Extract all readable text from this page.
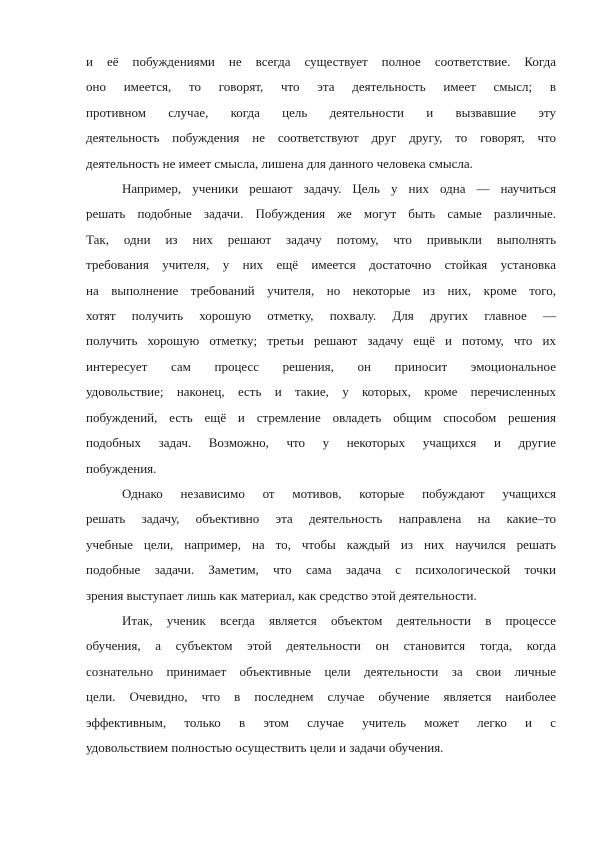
и её побуждениями не всегда существует полное соответствие. Когда
оно имеется, то говорят, что эта деятельность имеет смысл; в
противном случае, когда цель деятельности и вызвавшие эту
деятельность побуждения не соответствуют друг другу, то говорят, что
деятельность не имеет смысла, лишена для данного человека смысла.
Например, ученики решают задачу. Цель у них одна — научиться
решать подобные задачи. Побуждения же могут быть самые различные.
Так, одни из них решают задачу потому, что привыкли выполнять
требования учителя, у них ещё имеется достаточно стойкая установка
на выполнение требований учителя, но некоторые из них, кроме того,
хотят получить хорошую отметку, похвалу. Для других главное —
получить хорошую отметку; третьи решают задачу ещё и потому, что их
интересует сам процесс решения, он приносит эмоциональное
удовольствие; наконец, есть и такие, у которых, кроме перечисленных
побуждений, есть ещё и стремление овладеть общим способом решения
подобных задач. Возможно, что у некоторых учащихся и другие
побуждения.
Однако независимо от мотивов, которые побуждают учащихся
решать задачу, объективно эта деятельность направлена на какие–то
учебные цели, например, на то, чтобы каждый из них научился решать
подобные задачи. Заметим, что сама задача с психологической точки
зрения выступает лишь как материал, как средство этой деятельности.
Итак, ученик всегда является объектом деятельности в процессе
обучения, а субъектом этой деятельности он становится тогда, когда
сознательно принимает объективные цели деятельности за свои личные
цели. Очевидно, что в последнем случае обучение является наиболее
эффективным, только в этом случае учитель может легко и с
удовольствием полностью осуществить цели и задачи обучения.
